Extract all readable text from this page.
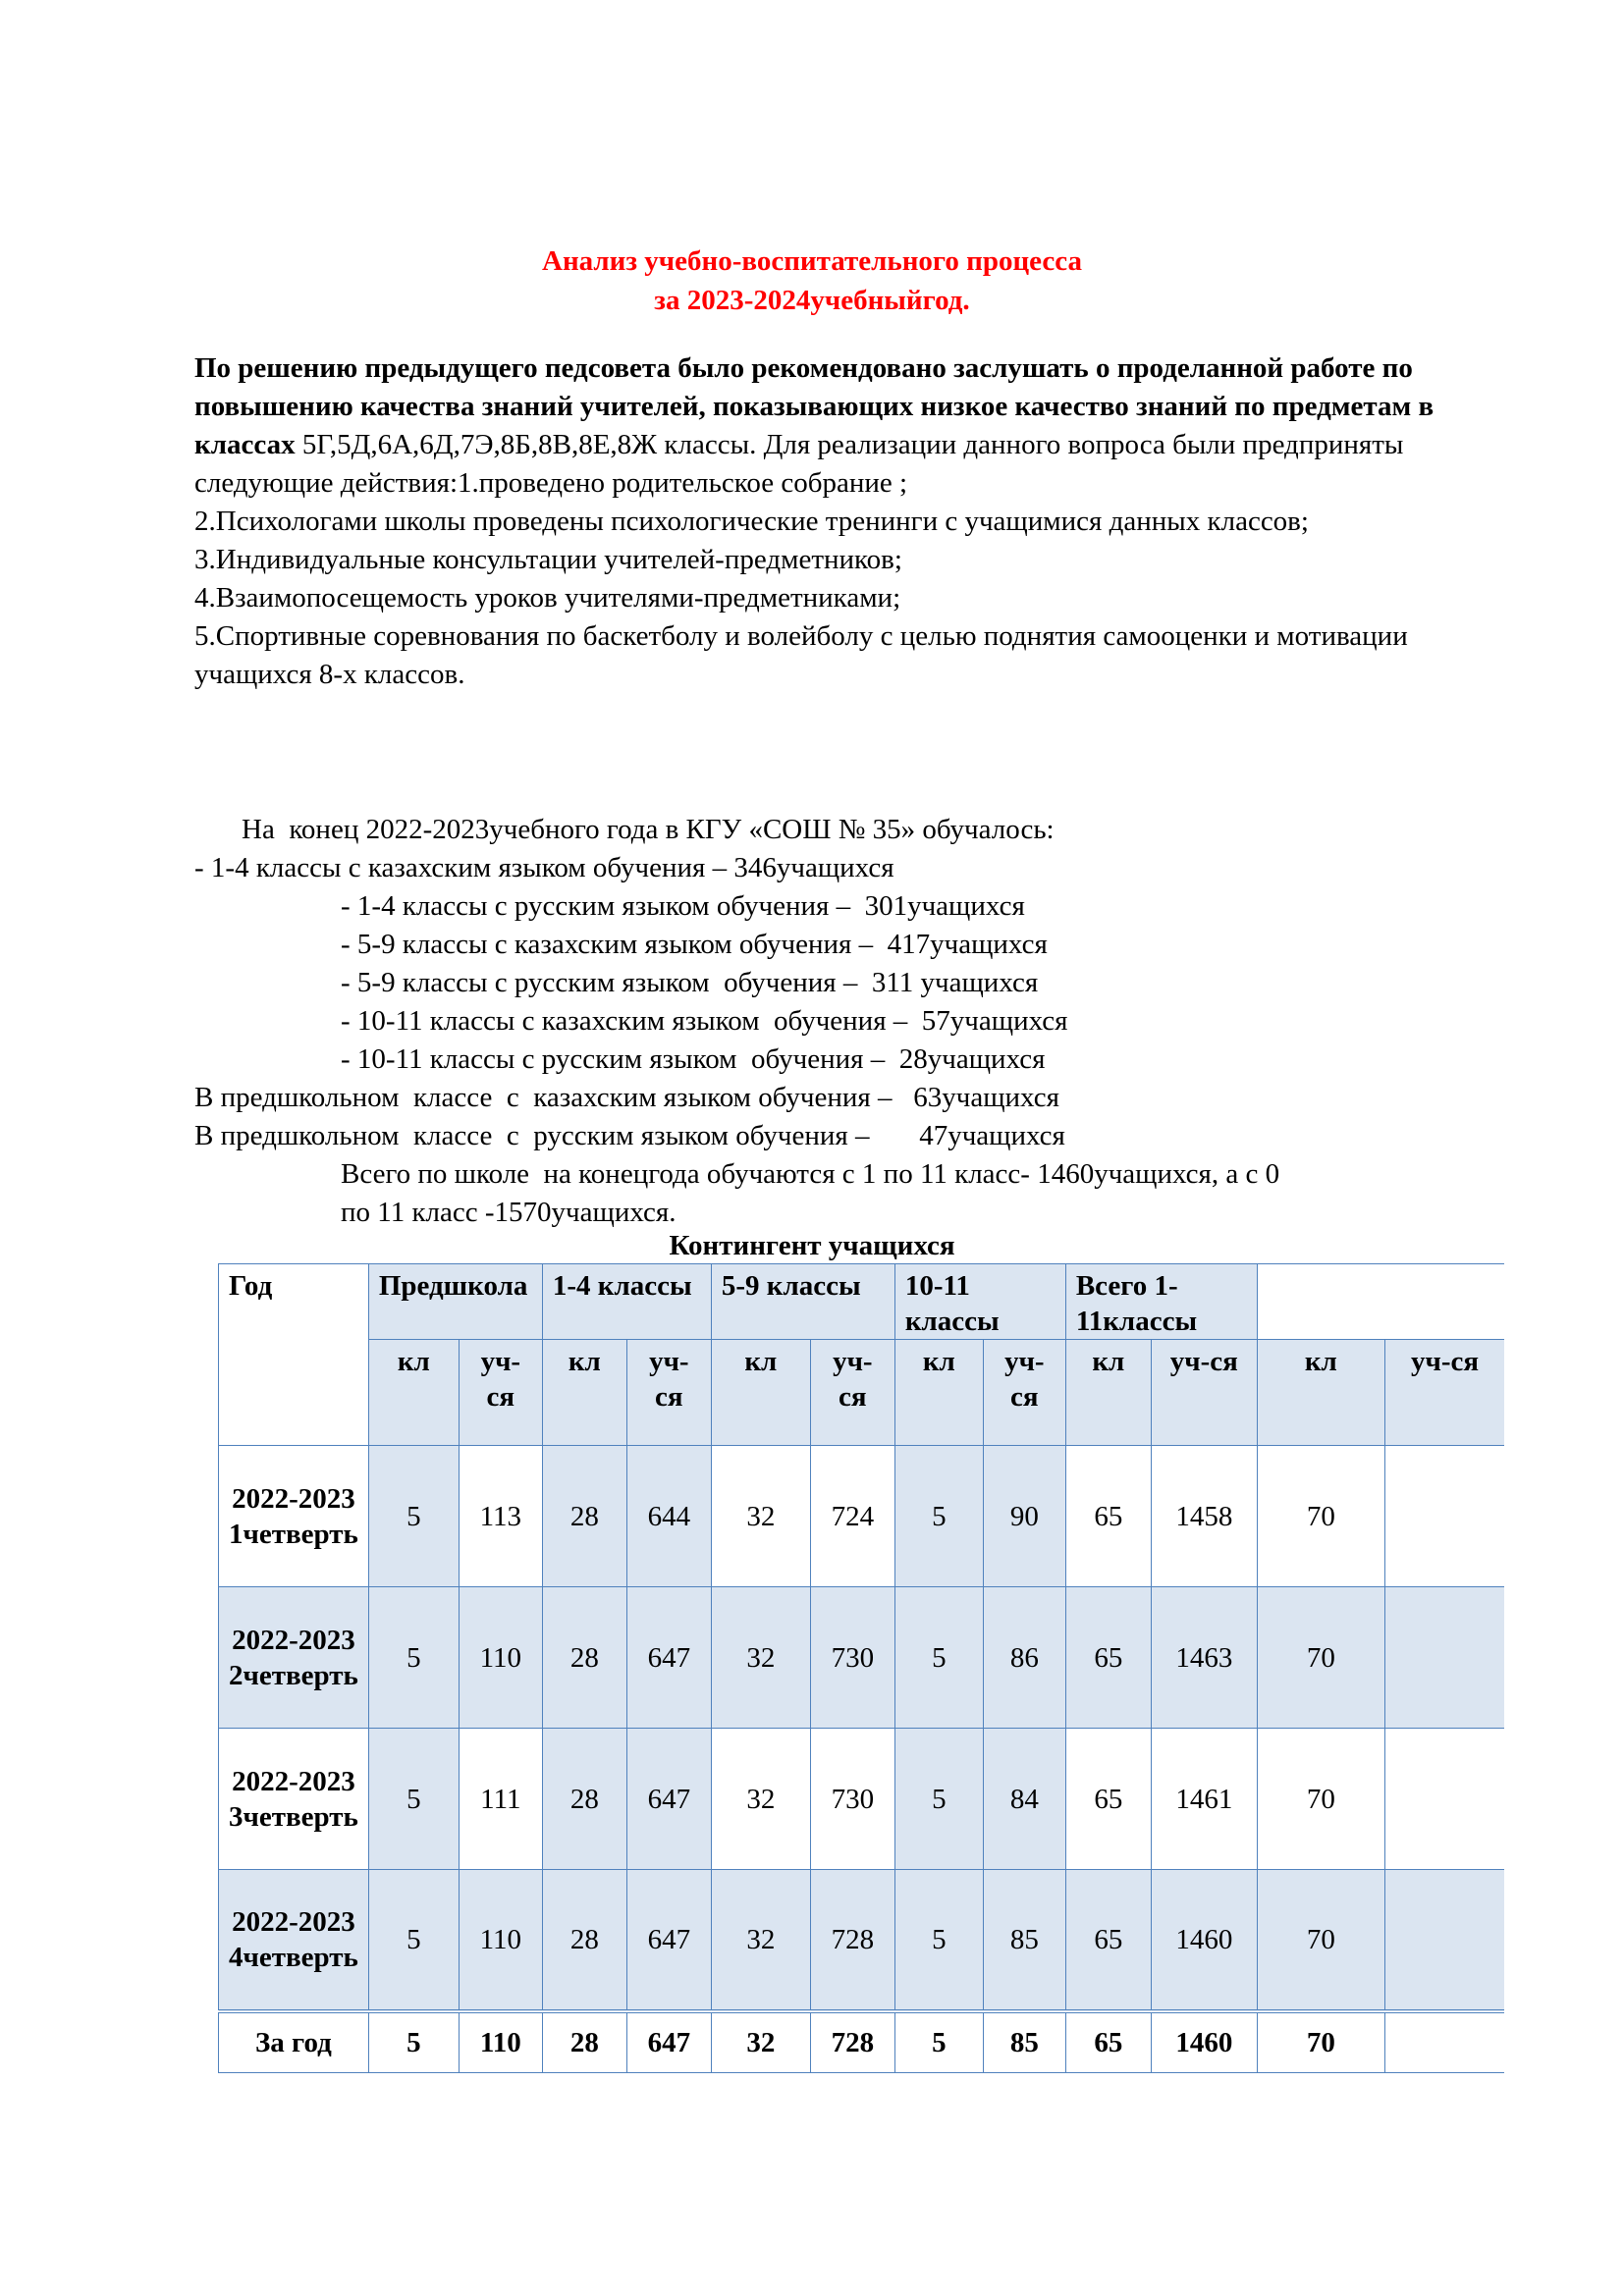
Анализ учебно-воспитательного процесса
за 2023-2024учебныйгод.

По решению предыдущего педсовета было рекомендовано заслушать о проделанной работе по повышению качества знаний учителей, показывающих низкое качество знаний по предметам в классах 5Г,5Д,6А,6Д,7Э,8Б,8В,8Е,8Ж классы. Для реализации данного вопроса были предприняты следующие действия:1.проведено родительское собрание ;

2.Психологами школы проведены психологические тренинги с учащимися данных классов;

3.Индивидуальные консультации учителей-предметников;

4.Взаимопосещемость уроков учителями-предметниками;

5.Спортивные соревнования по баскетболу и волейболу с целью поднятия самооценки и мотивации учащихся 8-х классов.

На  конец 2022-2023учебного года в КГУ «СОШ № 35» обучалось:
- 1-4 классы с казахским языком обучения – 346учащихся
- 1-4 классы с русским языком обучения –  301учащихся
- 5-9 классы с казахским языком обучения –  417учащихся
- 5-9 классы с русским языком  обучения –  311 учащихся
- 10-11 классы с казахским языком  обучения –  57учащихся
- 10-11 классы с русским языком  обучения –  28учащихся
В предшкольном  классе  с  казахским языком обучения –   63учащихся
В предшкольном  классе  с  русским языком обучения –       47учащихся
Всего по школе  на конецгода обучаются с 1 по 11 класс- 1460учащихся, а с 0
по 11 класс -1570учащихся.
Контингент учащихся
Год	Предшкола		1-4 классы		5-9 классы		10-11 классы		Всего 1-11классы			
	кл	уч-ся	кл	уч-ся	кл	уч-ся	кл	уч-ся	кл	уч-ся	кл	уч-ся
2022-2023 1четверть	5	113	28	644	32	724	5	90	65	1458	70	
2022-2023 2четверть	5	110	28	647	32	730	5	86	65	1463	70	
2022-2023 3четверть	5	111	28	647	32	730	5	84	65	1461	70	
2022-2023 4четверть	5	110	28	647	32	728	5	85	65	1460	70	
За год	5	110	28	647	32	728	5	85	65	1460	70	
